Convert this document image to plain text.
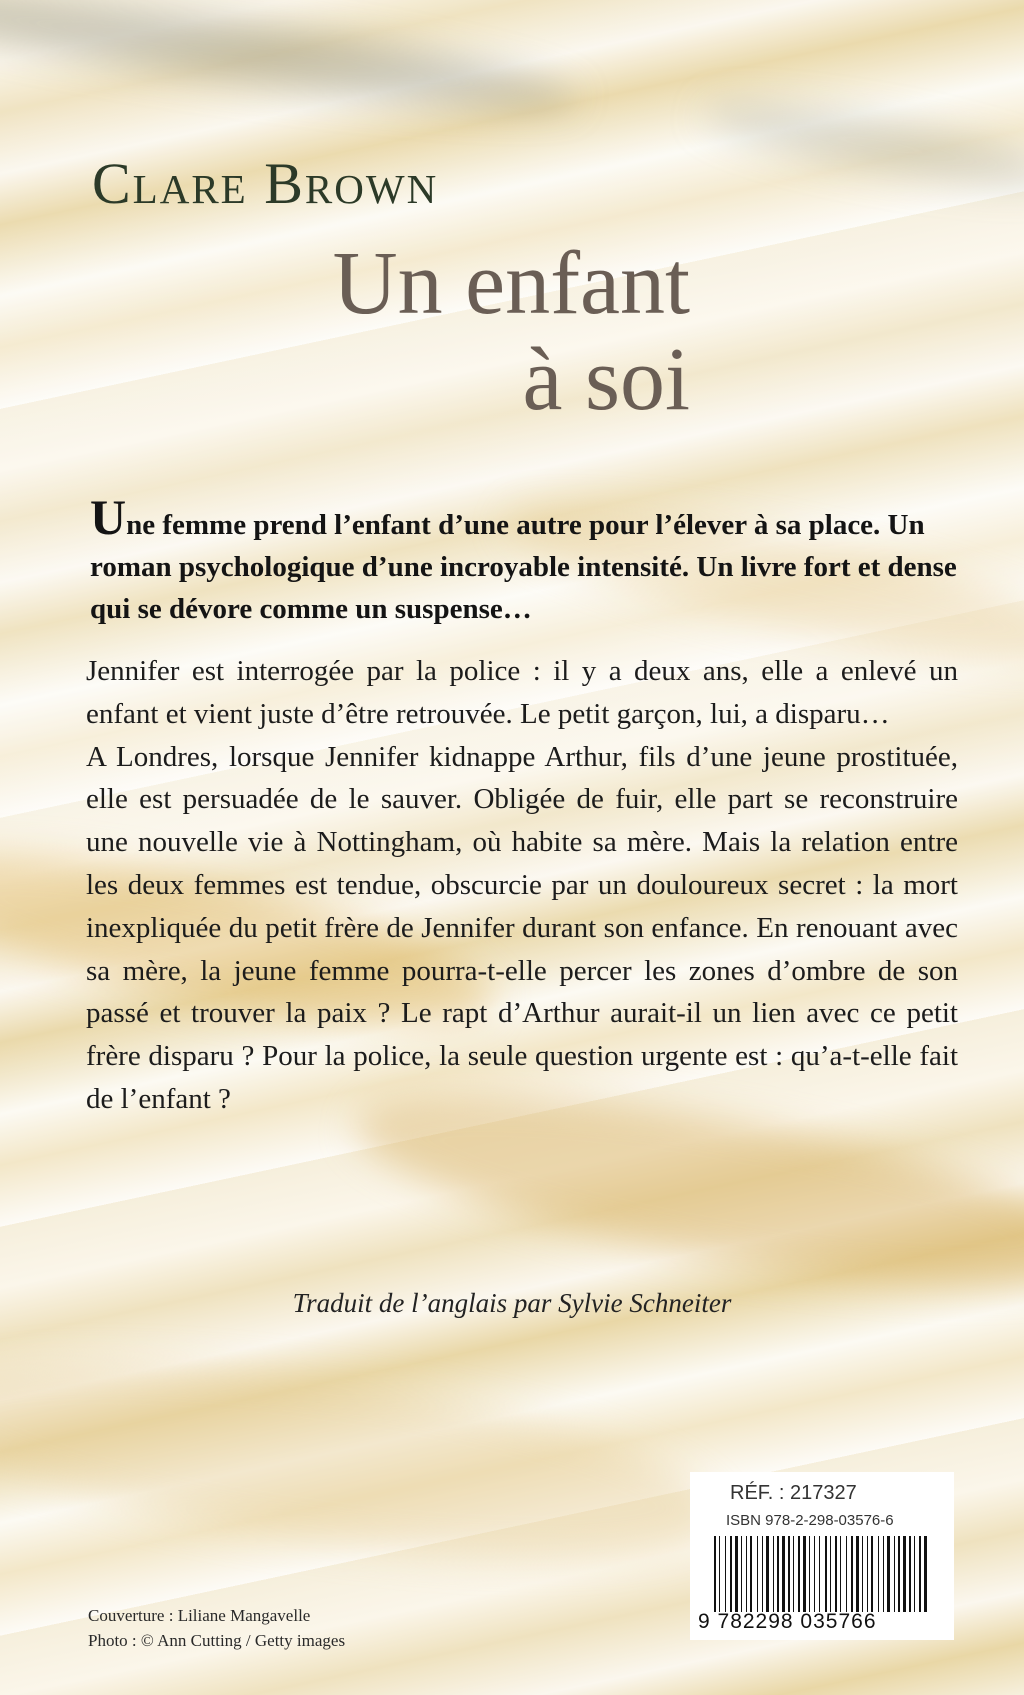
Clare Brown
Un enfant
à soi
Une femme prend l’enfant d’une autre pour l’élever à sa place. Un roman psychologique d’une incroyable intensité. Un livre fort et dense qui se dévore comme un suspense…

Jennifer est interrogée par la police : il y a deux ans, elle a enlevé un enfant et vient juste d’être retrouvée. Le petit garçon, lui, a disparu…

A Londres, lorsque Jennifer kidnappe Arthur, fils d’une jeune prostituée, elle est persuadée de le sauver. Obligée de fuir, elle part se reconstruire une nouvelle vie à Nottingham, où habite sa mère. Mais la relation entre les deux femmes est tendue, obscurcie par un douloureux secret : la mort inexpliquée du petit frère de Jennifer durant son enfance. En renouant avec sa mère, la jeune femme pourra-t-elle percer les zones d’ombre de son passé et trouver la paix ? Le rapt d’Arthur aurait-il un lien avec ce petit frère disparu ? Pour la police, la seule question urgente est : qu’a-t-elle fait de l’enfant ?

Traduit de l’anglais par Sylvie Schneiter
Couverture : Liliane Mangavelle
Photo : © Ann Cutting / Getty images
RÉF. : 217327
ISBN 978-2-298-03576-6
9 782298 035766
